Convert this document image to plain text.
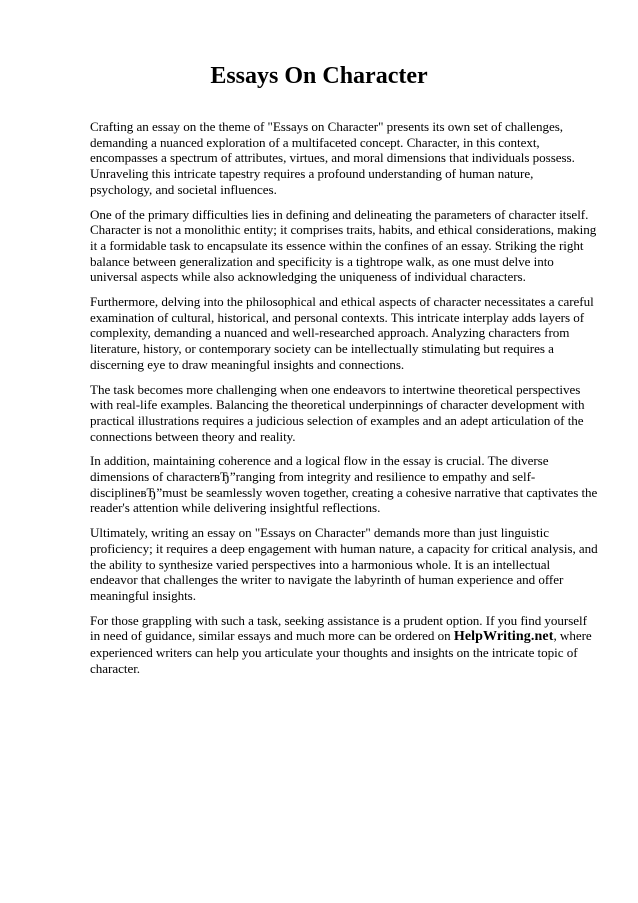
Essays On Character

Crafting an essay on the theme of "Essays on Character" presents its own set of challenges, demanding a nuanced exploration of a multifaceted concept. Character, in this context, encompasses a spectrum of attributes, virtues, and moral dimensions that individuals possess. Unraveling this intricate tapestry requires a profound understanding of human nature, psychology, and societal influences.

One of the primary difficulties lies in defining and delineating the parameters of character itself. Character is not a monolithic entity; it comprises traits, habits, and ethical considerations, making it a formidable task to encapsulate its essence within the confines of an essay. Striking the right balance between generalization and specificity is a tightrope walk, as one must delve into universal aspects while also acknowledging the uniqueness of individual characters.

Furthermore, delving into the philosophical and ethical aspects of character necessitates a careful examination of cultural, historical, and personal contexts. This intricate interplay adds layers of complexity, demanding a nuanced and well-researched approach. Analyzing characters from literature, history, or contemporary society can be intellectually stimulating but requires a discerning eye to draw meaningful insights and connections.

The task becomes more challenging when one endeavors to intertwine theoretical perspectives with real-life examples. Balancing the theoretical underpinnings of character development with practical illustrations requires a judicious selection of examples and an adept articulation of the connections between theory and reality.

In addition, maintaining coherence and a logical flow in the essay is crucial. The diverse dimensions of characterвЂ”ranging from integrity and resilience to empathy and self-disciplineвЂ”must be seamlessly woven together, creating a cohesive narrative that captivates the reader's attention while delivering insightful reflections.

Ultimately, writing an essay on "Essays on Character" demands more than just linguistic proficiency; it requires a deep engagement with human nature, a capacity for critical analysis, and the ability to synthesize varied perspectives into a harmonious whole. It is an intellectual endeavor that challenges the writer to navigate the labyrinth of human experience and offer meaningful insights.

For those grappling with such a task, seeking assistance is a prudent option. If you find yourself in need of guidance, similar essays and much more can be ordered on HelpWriting.net, where experienced writers can help you articulate your thoughts and insights on the intricate topic of character.
